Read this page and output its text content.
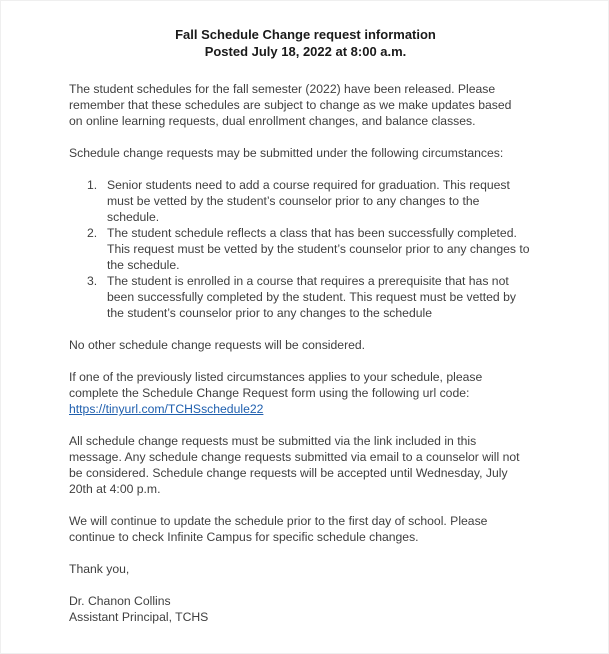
Fall Schedule Change request information
Posted July 18, 2022 at 8:00 a.m.
The student schedules for the fall semester (2022) have been released. Please
remember that these schedules are subject to change as we make updates based
on online learning requests, dual enrollment changes, and balance classes.
Schedule change requests may be submitted under the following circumstances:
1. Senior students need to add a course required for graduation. This request
must be vetted by the student’s counselor prior to any changes to the
schedule.
2. The student schedule reflects a class that has been successfully completed.
This request must be vetted by the student’s counselor prior to any changes to
the schedule.
3. The student is enrolled in a course that requires a prerequisite that has not
been successfully completed by the student. This request must be vetted by
the student’s counselor prior to any changes to the schedule
No other schedule change requests will be considered.
If one of the previously listed circumstances applies to your schedule, please
complete the Schedule Change Request form using the following url code:
https://tinyurl.com/TCHSschedule22
All schedule change requests must be submitted via the link included in this
message. Any schedule change requests submitted via email to a counselor will not
be considered. Schedule change requests will be accepted until Wednesday, July
20th at 4:00 p.m.
We will continue to update the schedule prior to the first day of school. Please
continue to check Infinite Campus for specific schedule changes.
Thank you,
Dr. Chanon Collins
Assistant Principal, TCHS
